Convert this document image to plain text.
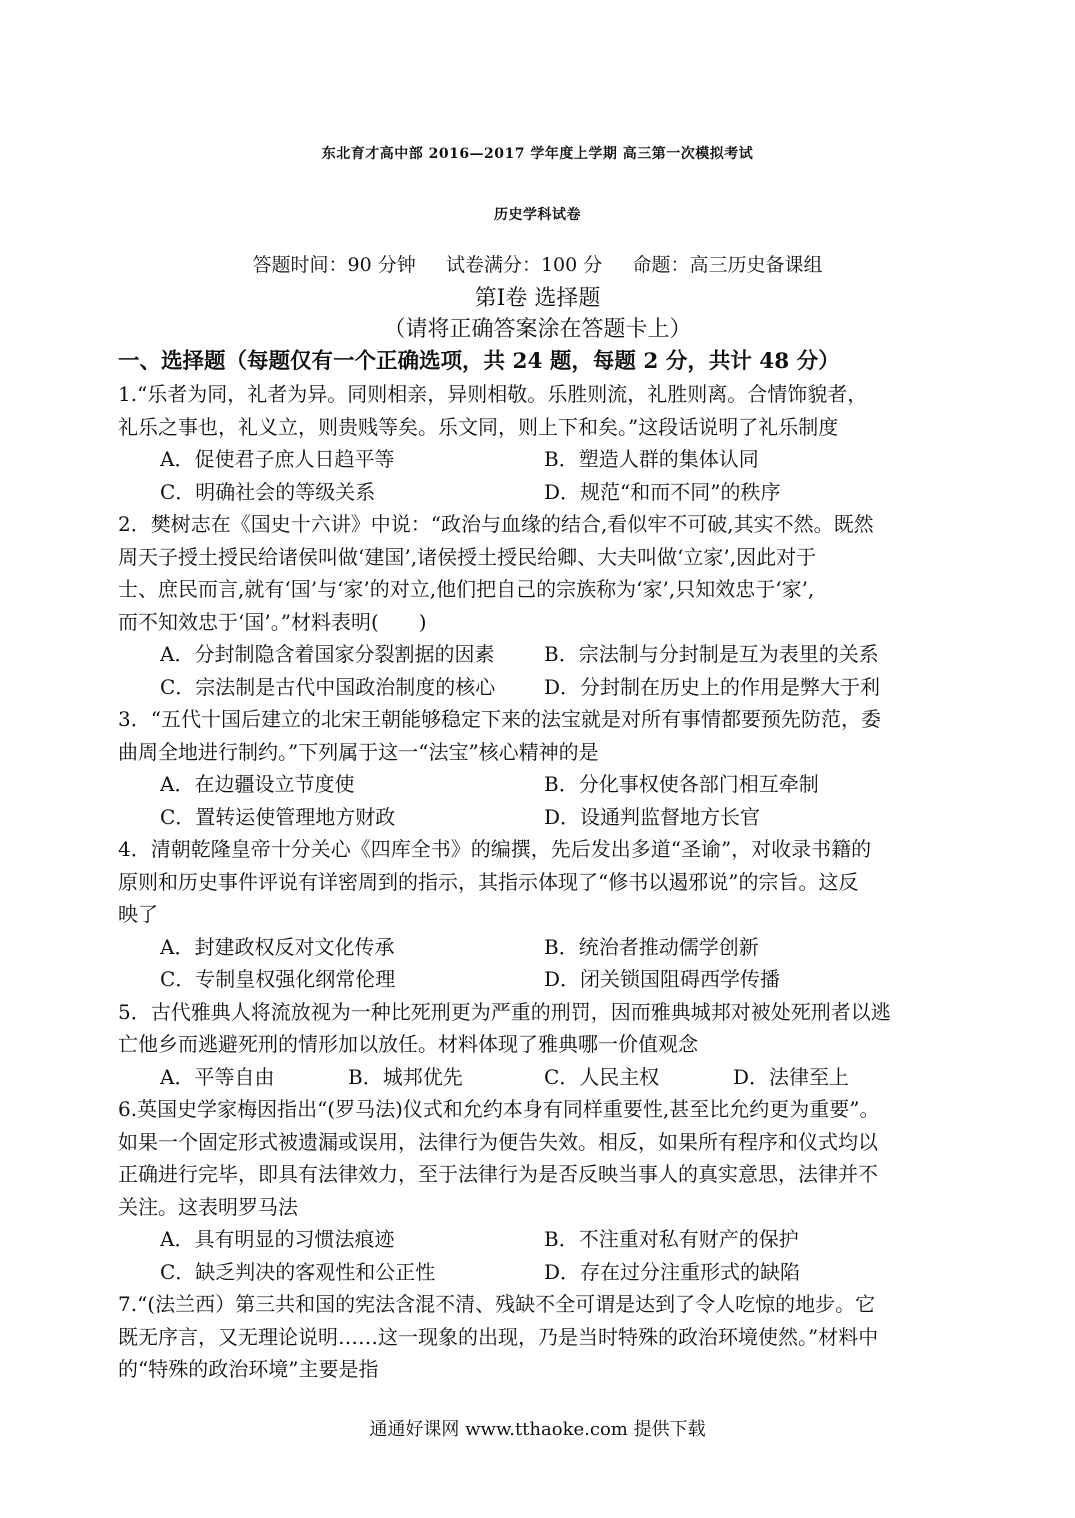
东北育才高中部 2016—2017 学年度上学期 高三第一次模拟考试
历史学科试卷
答题时间：90 分钟 试卷满分：100 分 命题：高三历史备课组
第Ⅰ卷 选择题
（请将正确答案涂在答题卡上）
一、选择题（每题仅有一个正确选项，共 24 题，每题 2 分，共计 48 分）
1.“乐者为同，礼者为异。同则相亲，异则相敬。乐胜则流，礼胜则离。合情饰貌者，
礼乐之事也，礼义立，则贵贱等矣。乐文同，则上下和矣。”这段话说明了礼乐制度
A．促使君子庶人日趋平等	B．塑造人群的集体认同
C．明确社会的等级关系	D．规范“和而不同”的秩序
2．樊树志在《国史十六讲》中说：“政治与血缘的结合,看似牢不可破,其实不然。既然
周天子授土授民给诸侯叫做‘建国’,诸侯授土授民给卿、大夫叫做‘立家’,因此对于
士、庶民而言,就有‘国’与‘家’的对立,他们把自己的宗族称为‘家’,只知效忠于‘家’,
而不知效忠于‘国’。”材料表明(　　)
A．分封制隐含着国家分裂割据的因素 B．宗法制与分封制是互为表里的关系
C．宗法制是古代中国政治制度的核心 D．分封制在历史上的作用是弊大于利
3．“五代十国后建立的北宋王朝能够稳定下来的法宝就是对所有事情都要预先防范，委
曲周全地进行制约。”下列属于这一“法宝”核心精神的是
A．在边疆设立节度使	B．分化事权使各部门相互牵制
C．置转运使管理地方财政	D．设通判监督地方长官
4．清朝乾隆皇帝十分关心《四库全书》的编撰，先后发出多道“圣谕”，对收录书籍的
原则和历史事件评说有详密周到的指示，其指示体现了“修书以遏邪说”的宗旨。这反
映了
A．封建政权反对文化传承	B．统治者推动儒学创新
C．专制皇权强化纲常伦理	D．闭关锁国阻碍西学传播
5．古代雅典人将流放视为一种比死刑更为严重的刑罚，因而雅典城邦对被处死刑者以逃
亡他乡而逃避死刑的情形加以放任。材料体现了雅典哪一价值观念
A．平等自由	B．城邦优先	C．人民主权	D．法律至上
6.英国史学家梅因指出“(罗马法)仪式和允约本身有同样重要性,甚至比允约更为重要”。
如果一个固定形式被遗漏或误用，法律行为便告失效。相反，如果所有程序和仪式均以
正确进行完毕，即具有法律效力，至于法律行为是否反映当事人的真实意思，法律并不
关注。这表明罗马法
A．具有明显的习惯法痕迹	B．不注重对私有财产的保护
C．缺乏判决的客观性和公正性	D．存在过分注重形式的缺陷
7.“(法兰西）第三共和国的宪法含混不清、残缺不全可谓是达到了令人吃惊的地步。它
既无序言，又无理论说明……这一现象的出现，乃是当时特殊的政治环境使然。”材料中
的“特殊的政治环境”主要是指
通通好课网 www.tthaoke.com 提供下载
